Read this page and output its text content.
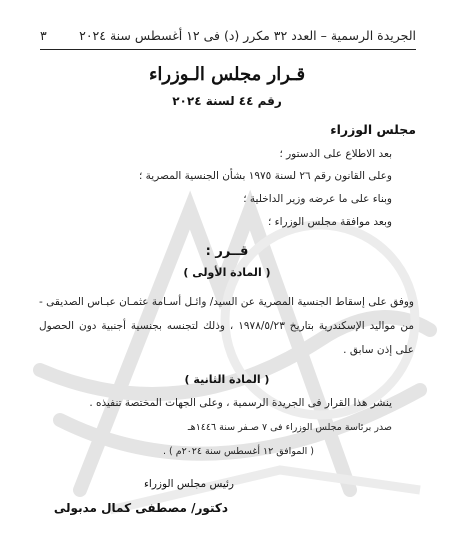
الجريدة الرسمية – العدد ٣٢ مكرر (د) فى ١٢ أغسطس سنة ٢٠٢٤
٣
قـرار مجلس الـوزراء
رقم ٤٤ لسنة ٢٠٢٤
مجلس الوزراء
بعد الاطلاع على الدستور ؛
وعلى القانون رقم ٢٦ لسنة ١٩٧٥ بشأن الجنسية المصرية ؛
وبناء على ما عرضه وزير الداخلية ؛
وبعد موافقة مجلس الوزراء ؛
قــرر :
( المادة الأولى )
ووفق على إسقاط الجنسية المصرية عن السيد/ وائـل أسـامة عثمـان عبـاس الصديقى - من مواليد الإسكندرية بتاريخ ١٩٧٨/٥/٢٣ ، وذلك لتجنسه بجنسية أجنبية دون الحصول على إذن سابق .
( المادة الثانية )
ينشر هذا القرار فى الجريدة الرسمية ، وعلى الجهات المختصة تنفيذه .
صدر برئاسة مجلس الوزراء فى ٧ صـفر سنة ١٤٤٦هـ
( الموافق ١٢ أغسطس سنة ٢٠٢٤م ) .
رئيس مجلس الوزراء
دكتور/ مصطفى كمال مدبولى
